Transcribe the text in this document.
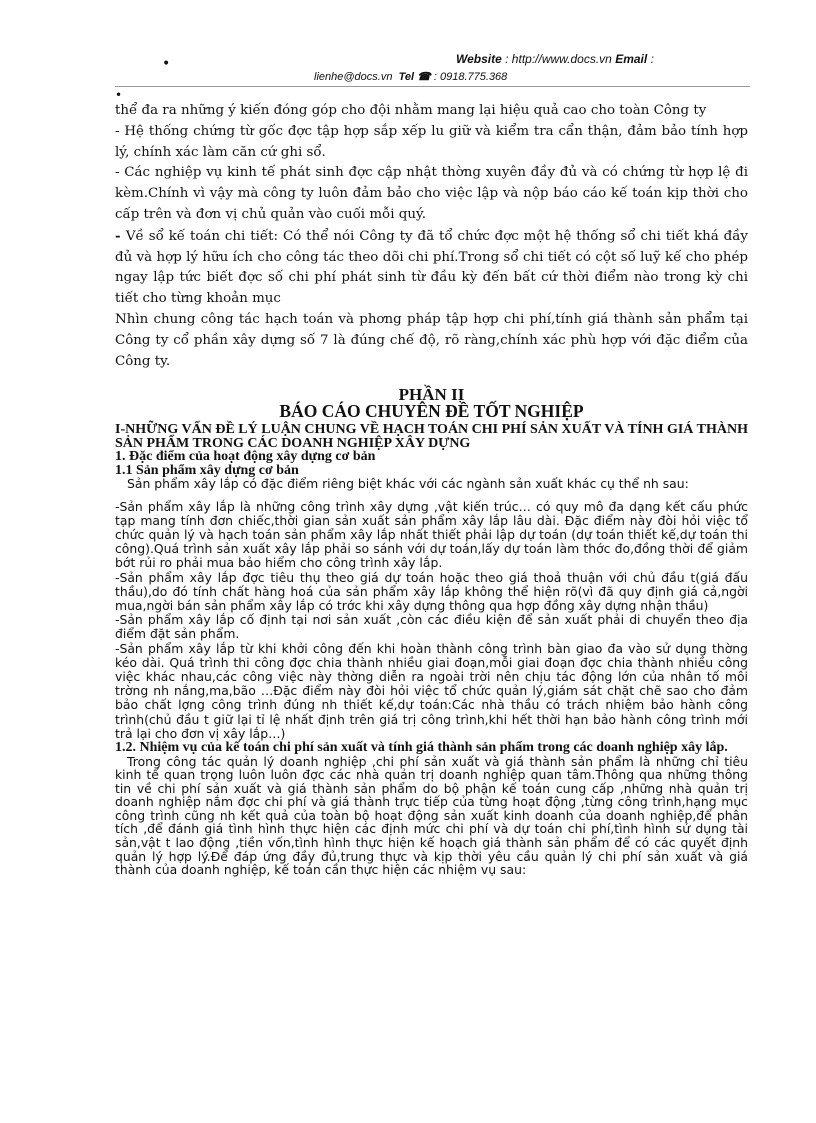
•	Website : http://www.docs.vn Email :
lienhe@docs.vn Tel ☎ : 0918.775.368
•

thể đa ra những ý kiến đóng góp cho đội nhằm mang lại hiệu quả cao cho toàn Công ty

- Hệ thống chứng từ gốc đợc tập hợp sắp xếp lu giữ và kiểm tra cẩn thận, đảm bảo tính hợp lý, chính xác làm căn cứ ghi sổ.

- Các nghiệp vụ kinh tế phát sinh đợc cập nhật thờng xuyên đầy đủ và có chứng từ hợp lệ đi kèm.Chính vì vậy mà công ty luôn đảm bảo cho việc lập và nộp báo cáo kế toán kịp thời cho cấp trên và đơn vị chủ quản vào cuối mỗi quý.

- Về sổ kế toán chi tiết: Có thể nói Công ty đã tổ chức đợc một hệ thống sổ chi tiết khá đầy đủ và hợp lý hữu ích cho công tác theo dõi chi phí.Trong sổ chi tiết có cột số luỹ kế cho phép ngay lập tức biết đợc số chi phí phát sinh từ đầu kỳ đến bất cứ thời điểm nào trong kỳ chi tiết cho từng khoản mục

Nhìn chung công tác hạch toán và phơng pháp tập hợp chi phí,tính giá thành sản phẩm tại Công ty cổ phần xây dựng số 7 là đúng chế độ, rõ ràng,chính xác phù hợp với đặc điểm của Công ty.

PHẦN II
BÁO CÁO CHUYÊN ĐỀ TỐT NGHIỆP
I-NHỮNG VẤN ĐỀ LÝ LUẬN CHUNG VỀ HẠCH TOÁN CHI PHÍ SẢN XUẤT VÀ TÍNH GIÁ THÀNH SẢN PHẨM TRONG CÁC DOANH NGHIỆP XÂY DỰNG
1. Đặc điểm của hoạt động xây dựng cơ bản
1.1 Sản phẩm xây dựng cơ bản

Sản phẩm xây lắp có đặc điểm riêng biệt khác với các ngành sản xuất khác cụ thể nh sau:

-Sản phẩm xây lắp là những công trình xây dựng ,vật kiến trúc… có quy mô đa dạng kết cấu phức tạp mang tính đơn chiếc,thời gian sản xuất sản phẩm xây lắp lâu dài. Đặc điểm này đòi hỏi việc tổ chức quản lý và hạch toán sản phẩm xây lắp nhất thiết phải lập dự toán (dự toán thiết kế,dự toán thi công).Quá trình sản xuất xây lắp phải so sánh với dự toán,lấy dự toán làm thớc đo,đồng thời để giảm bớt rủi ro phải mua bảo hiểm cho công trình xây lắp.

-Sản phẩm xây lắp đợc tiêu thụ theo giá dự toán hoặc theo giá thoả thuận với chủ đầu t(giá đấu thầu),do đó tính chất hàng hoá của sản phẩm xây lắp không thể hiện rõ(vì đã quy định giá cả,ngời mua,ngời bán sản phẩm xây lắp có trớc khi xây dựng thông qua hợp đồng xây dựng nhận thầu)

-Sản phẩm xây lắp cố định tại nơi sản xuất ,còn các điều kiện để sản xuất phải di chuyển theo địa điểm đặt sản phẩm.

-Sản phẩm xây lắp từ khi khởi công đến khi hoàn thành công trình bàn giao đa vào sử dụng thờng kéo dài. Quá trình thi công đợc chia thành nhiều giai đoạn,mỗi giai đoạn đợc chia thành nhiều công việc khác nhau,các công việc này thờng diễn ra ngoài trời nên chịu tác động lớn của nhân tố môi trờng nh nắng,ma,bão …Đặc điểm này đòi hỏi việc tổ chức quản lý,giám sát chặt chẽ sao cho đảm bảo chất lợng công trình đúng nh thiết kế,dự toán:Các nhà thầu có trách nhiệm bảo hành công trình(chủ đầu t giữ lại tỉ lệ nhất định trên giá trị công trình,khi hết thời hạn bảo hành công trình mới trả lại cho đơn vị xây lắp…)

1.2. Nhiệm vụ của kế toán chi phí sản xuất và tính giá thành sản phẩm trong các doanh nghiệp xây lắp.

Trong công tác quản lý doanh nghiệp ,chi phí sản xuất và giá thành sản phẩm là những chỉ tiêu kinh tế quan trọng luôn luôn đợc các nhà quản trị doanh nghiệp quan tâm.Thông qua những thông tin về chi phí sản xuất và giá thành sản phẩm do bộ phận kế toán cung cấp ,những nhà quản trị doanh nghiệp nắm đợc chi phí và giá thành trực tiếp của từng hoạt động ,từng công trình,hạng mục công trình cũng nh kết quả của toàn bộ hoạt động sản xuất kinh doanh của doanh nghiệp,để phân tích ,để đánh giá tình hình thực hiện các định mức chi phí và dự toán chi phí,tình hình sử dụng tài sản,vật t lao động ,tiền vốn,tình hình thực hiện kế hoạch giá thành sản phẩm để có các quyết định quản lý hợp lý.Để đáp ứng đầy đủ,trung thực và kịp thời yêu cầu quản lý chi phí sản xuất và giá thành của doanh nghiệp, kế toán cần thực hiện các nhiệm vụ sau:
